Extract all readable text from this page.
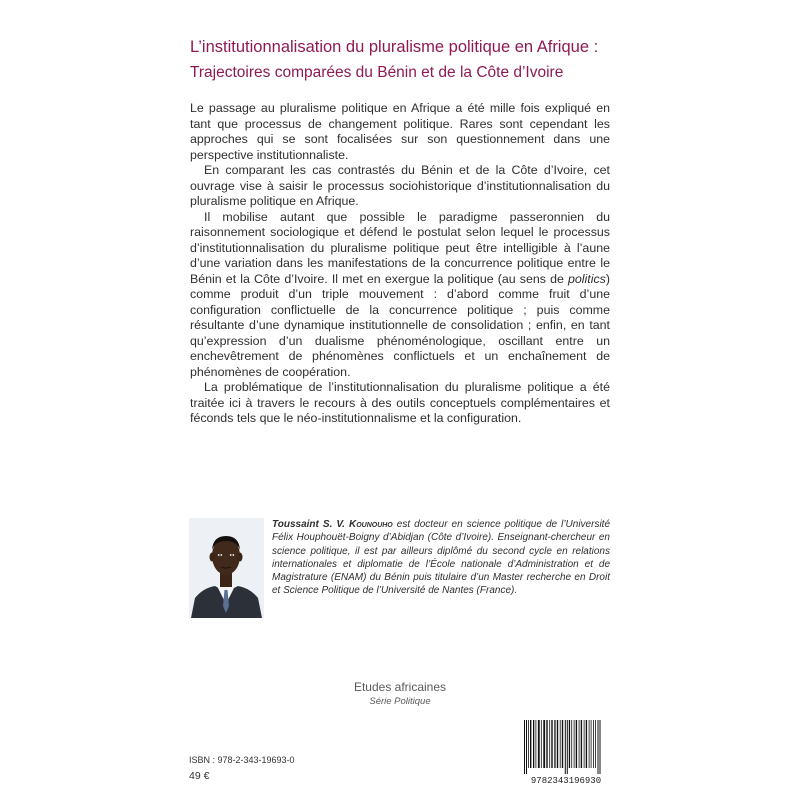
L’institutionnalisation du pluralisme politique en Afrique :
Trajectoires comparées du Bénin et de la Côte d’Ivoire

Le passage au pluralisme politique en Afrique a été mille fois expliqué en tant que processus de changement politique. Rares sont cependant les approches qui se sont focalisées sur son questionnement dans une perspective institutionnaliste.

En comparant les cas contrastés du Bénin et de la Côte d’Ivoire, cet ouvrage vise à saisir le processus sociohistorique d’institutionnalisation du pluralisme politique en Afrique.

Il mobilise autant que possible le paradigme passeronnien du raisonnement sociologique et défend le postulat selon lequel le processus d’institutionnalisation du pluralisme politique peut être intelligible à l’aune d’une variation dans les manifestations de la concurrence politique entre le Bénin et la Côte d’Ivoire. Il met en exergue la politique (au sens de politics) comme produit d’un triple mouvement : d’abord comme fruit d’une configuration conflictuelle de la concurrence politique ; puis comme résultante d’une dynamique institutionnelle de consolidation ; enfin, en tant qu’expression d’un dualisme phénoménologique, oscillant entre un enchevêtrement de phénomènes conflictuels et un enchaînement de phénomènes de coopération.

La problématique de l’institutionnalisation du pluralisme politique a été traitée ici à travers le recours à des outils conceptuels complémentaires et féconds tels que le néo-institutionnalisme et la configuration.

Toussaint S. V. Kounouho est docteur en science politique de l’Université Félix Houphouët-Boigny d’Abidjan (Côte d’Ivoire). Enseignant-chercheur en science politique, il est par ailleurs diplômé du second cycle en relations internationales et diplomatie de l’École nationale d’Administration et de Magistrature (ENAM) du Bénin puis titulaire d’un Master recherche en Droit et Science Politique de l’Université de Nantes (France).
Etudes africaines
Série Politique
ISBN : 978-2-343-19693-0
49 €	9782343196930
